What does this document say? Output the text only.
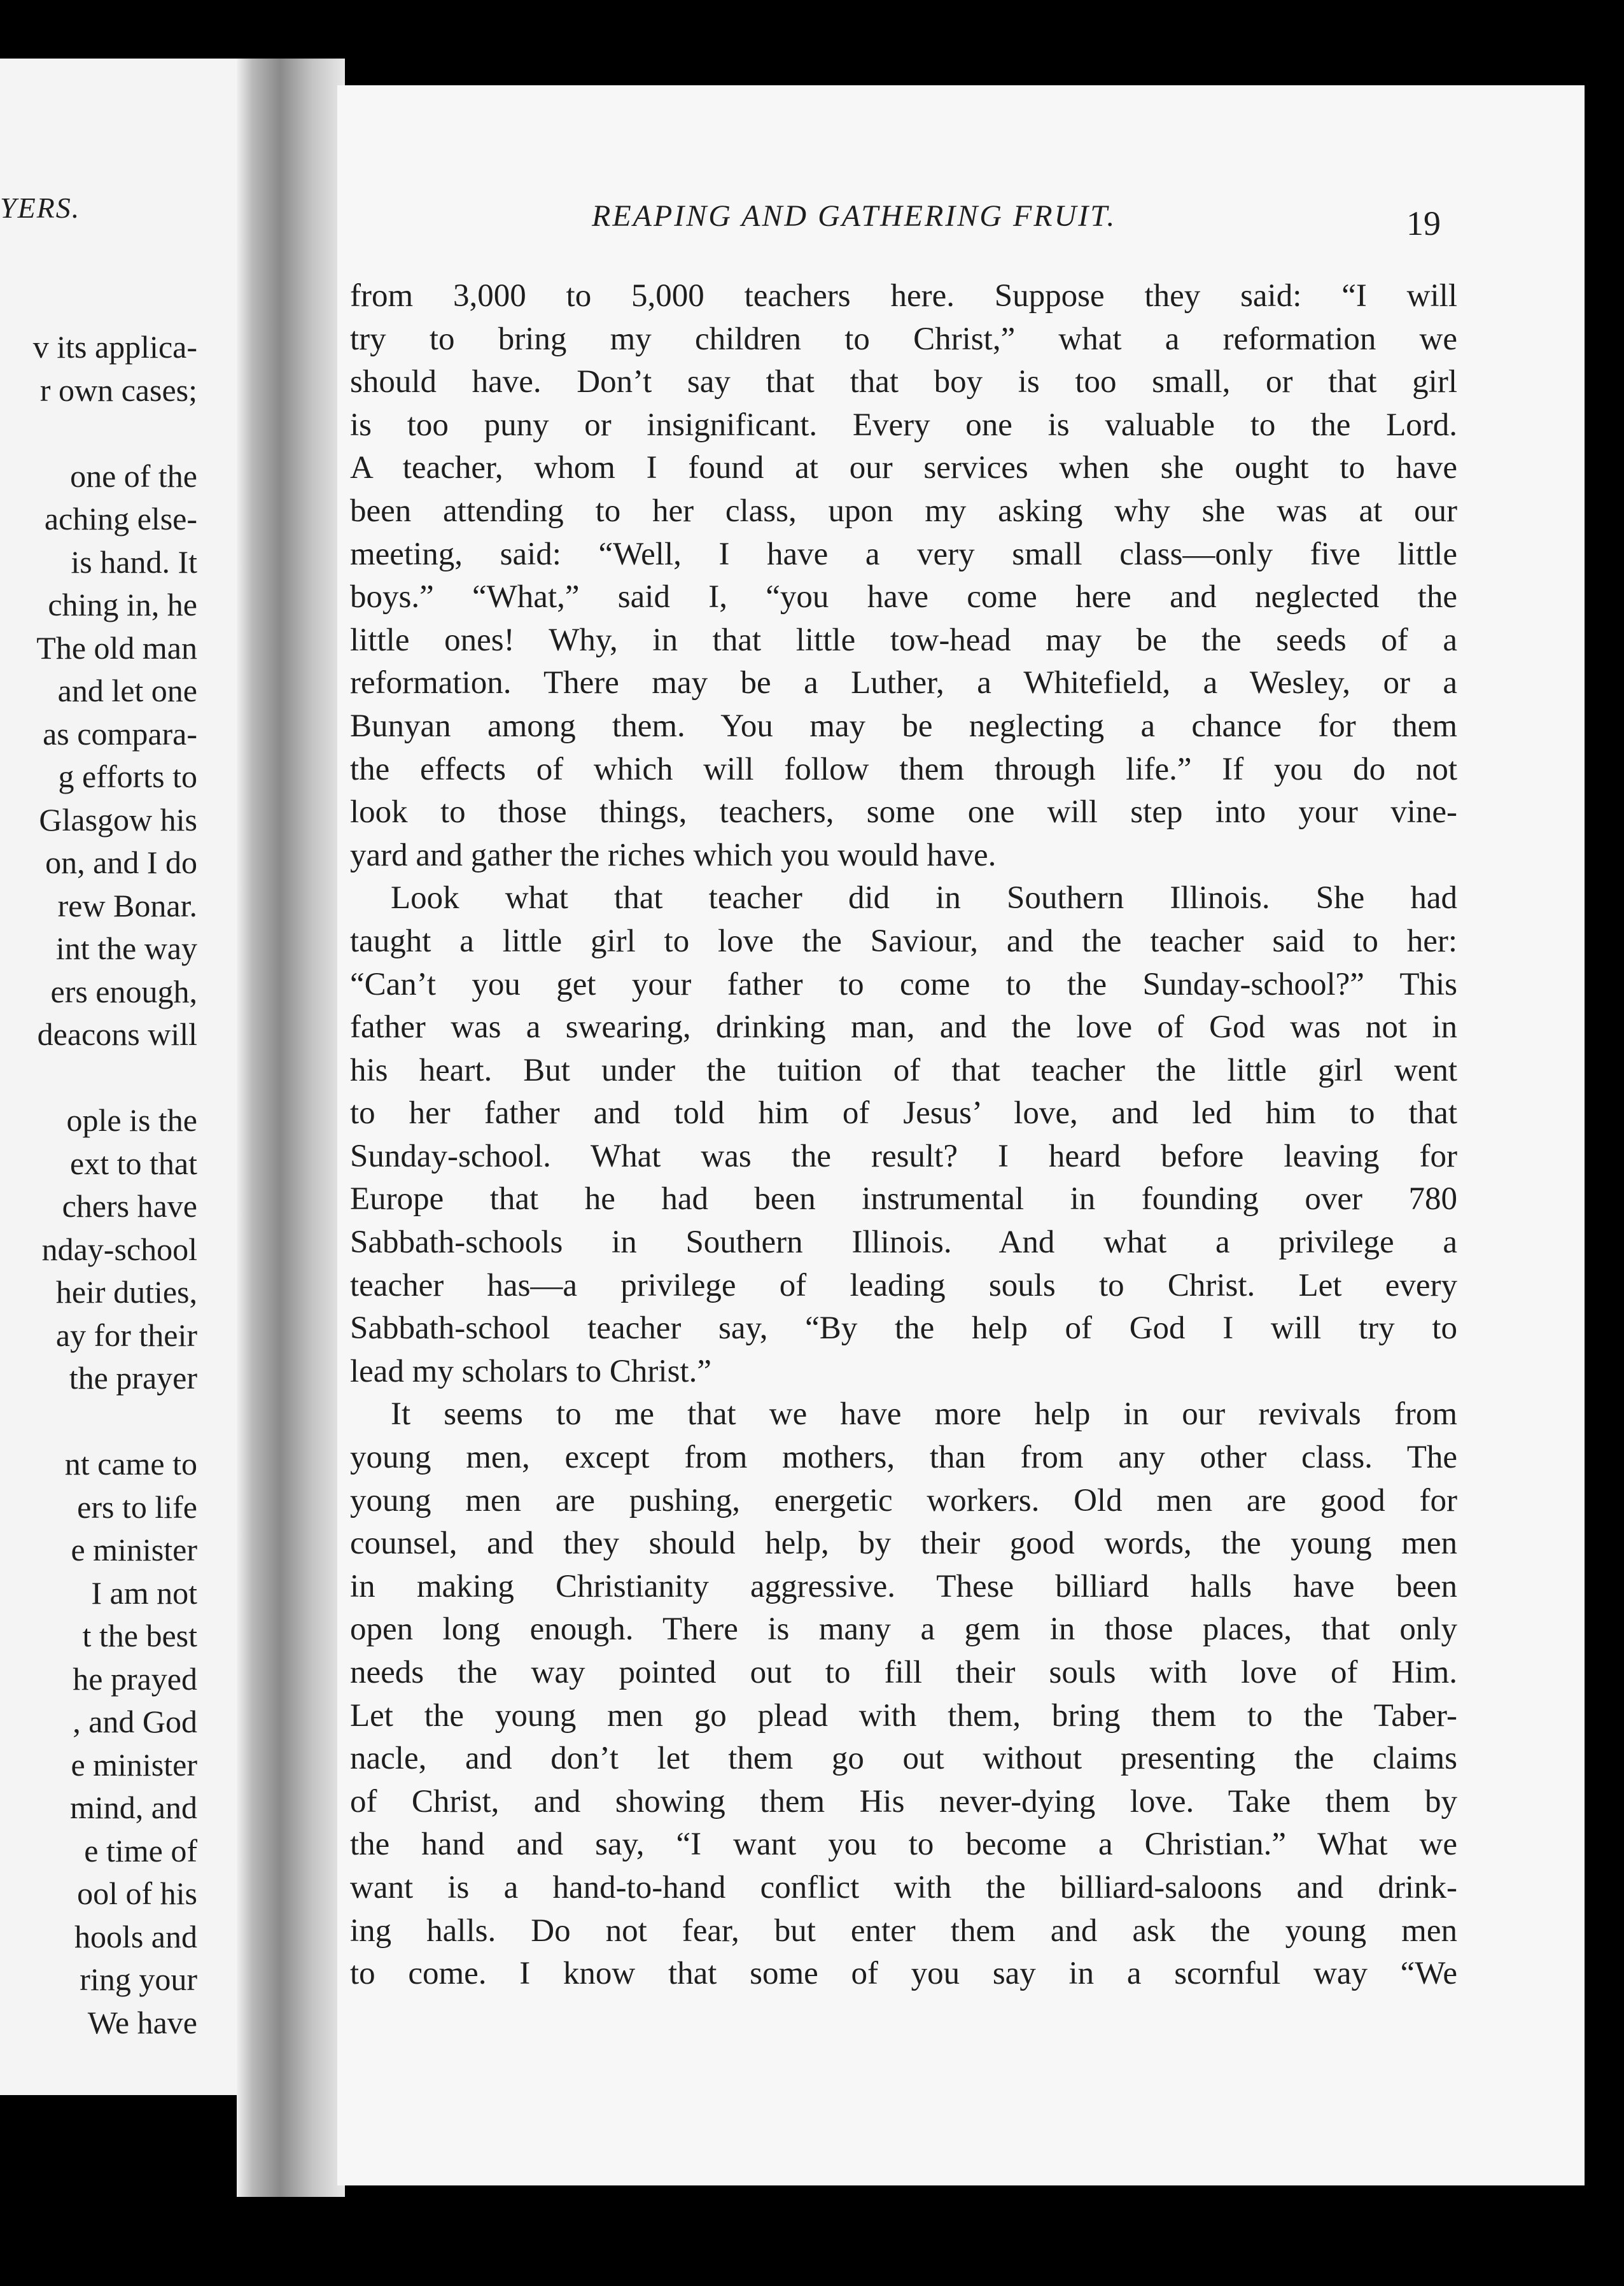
YERS.
v its applica-
r own cases;
one of the
aching else-
is hand. It
ching in, he
The old man
and let one
as compara-
g efforts to
Glasgow his
on, and I do
rew Bonar.
int the way
ers enough,
deacons will
ople is the
ext to that
chers have
nday-school
heir duties,
ay for their
the prayer
nt came to
ers to life
e minister
I am not
t the best
he prayed
, and God
e minister
mind, and
e time of
ool of his
hools and
ring your
We have
REAPING AND GATHERING FRUIT.	19
from 3,000 to 5,000 teachers here. Suppose they said: “I will
try to bring my children to Christ,” what a reformation we
should have. Don’t say that that boy is too small, or that girl
is too puny or insignificant. Every one is valuable to the Lord.
A teacher, whom I found at our services when she ought to have
been attending to her class, upon my asking why she was at our
meeting, said: “Well, I have a very small class—only five little
boys.” “What,” said I, “you have come here and neglected the
little ones! Why, in that little tow-head may be the seeds of a
reformation. There may be a Luther, a Whitefield, a Wesley, or a
Bunyan among them. You may be neglecting a chance for them
the effects of which will follow them through life.” If you do not
look to those things, teachers, some one will step into your vine-
yard and gather the riches which you would have.
Look what that teacher did in Southern Illinois. She had
taught a little girl to love the Saviour, and the teacher said to her:
“Can’t you get your father to come to the Sunday-school?” This
father was a swearing, drinking man, and the love of God was not in
his heart. But under the tuition of that teacher the little girl went
to her father and told him of Jesus’ love, and led him to that
Sunday-school. What was the result? I heard before leaving for
Europe that he had been instrumental in founding over 780
Sabbath-schools in Southern Illinois. And what a privilege a
teacher has—a privilege of leading souls to Christ. Let every
Sabbath-school teacher say, “By the help of God I will try to
lead my scholars to Christ.”
It seems to me that we have more help in our revivals from
young men, except from mothers, than from any other class. The
young men are pushing, energetic workers. Old men are good for
counsel, and they should help, by their good words, the young men
in making Christianity aggressive. These billiard halls have been
open long enough. There is many a gem in those places, that only
needs the way pointed out to fill their souls with love of Him.
Let the young men go plead with them, bring them to the Taber-
nacle, and don’t let them go out without presenting the claims
of Christ, and showing them His never-dying love. Take them by
the hand and say, “I want you to become a Christian.” What we
want is a hand-to-hand conflict with the billiard-saloons and drink-
ing halls. Do not fear, but enter them and ask the young men
to come. I know that some of you say in a scornful way “We
